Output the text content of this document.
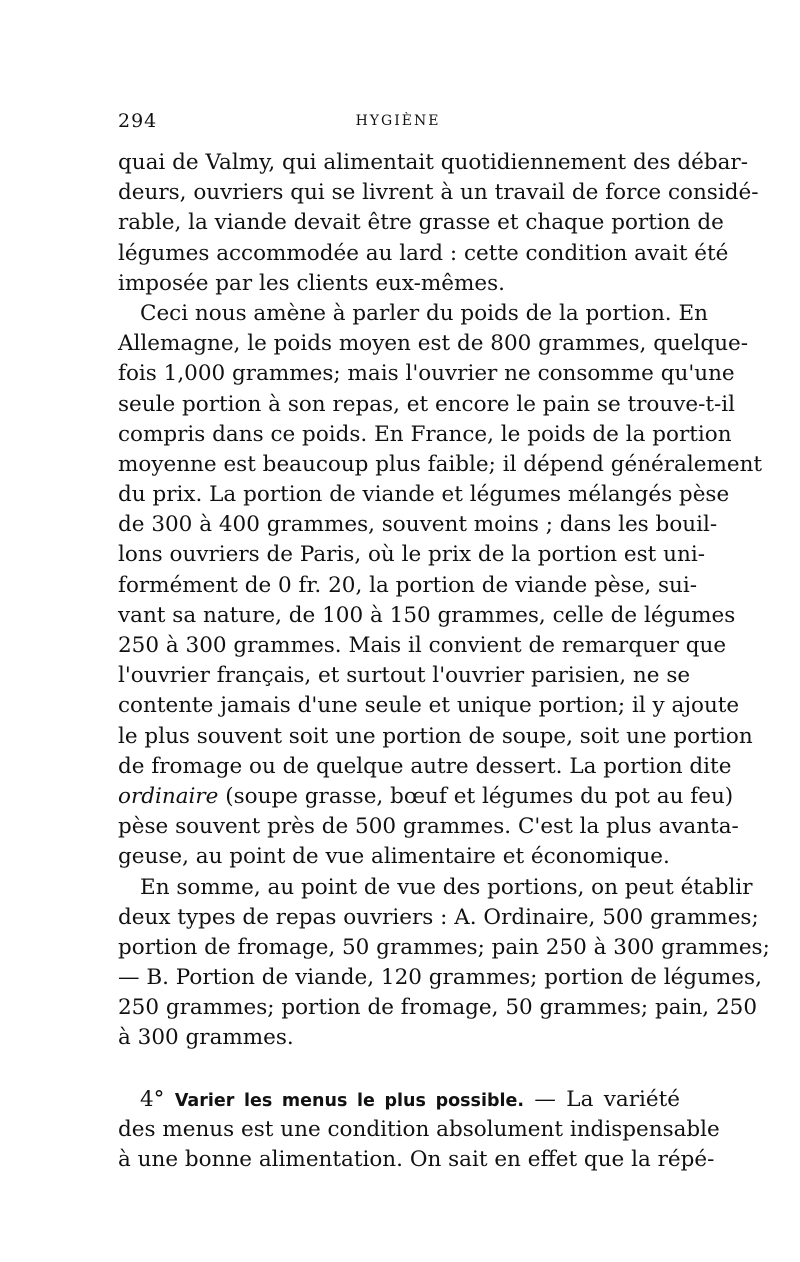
294	HYGIÈNE
quai de Valmy, qui alimentait quotidiennement des débar-
deurs, ouvriers qui se livrent à un travail de force considé-
rable, la viande devait être grasse et chaque portion de
légumes accommodée au lard : cette condition avait été
imposée par les clients eux-mêmes.
Ceci nous amène à parler du poids de la portion. En
Allemagne, le poids moyen est de 800 grammes, quelque-
fois 1,000 grammes; mais l'ouvrier ne consomme qu'une
seule portion à son repas, et encore le pain se trouve-t-il
compris dans ce poids. En France, le poids de la portion
moyenne est beaucoup plus faible; il dépend généralement
du prix. La portion de viande et légumes mélangés pèse
de 300 à 400 grammes, souvent moins ; dans les bouil-
lons ouvriers de Paris, où le prix de la portion est uni-
formément de 0 fr. 20, la portion de viande pèse, sui-
vant sa nature, de 100 à 150 grammes, celle de légumes
250 à 300 grammes. Mais il convient de remarquer que
l'ouvrier français, et surtout l'ouvrier parisien, ne se
contente jamais d'une seule et unique portion; il y ajoute
le plus souvent soit une portion de soupe, soit une portion
de fromage ou de quelque autre dessert. La portion dite
ordinaire (soupe grasse, bœuf et légumes du pot au feu)
pèse souvent près de 500 grammes. C'est la plus avanta-
geuse, au point de vue alimentaire et économique.
En somme, au point de vue des portions, on peut établir
deux types de repas ouvriers : A. Ordinaire, 500 grammes;
portion de fromage, 50 grammes; pain 250 à 300 grammes;
— B. Portion de viande, 120 grammes; portion de légumes,
250 grammes; portion de fromage, 50 grammes; pain, 250
à 300 grammes.
4° Varier les menus le plus possible. — La variété
des menus est une condition absolument indispensable
à une bonne alimentation. On sait en effet que la répé-
